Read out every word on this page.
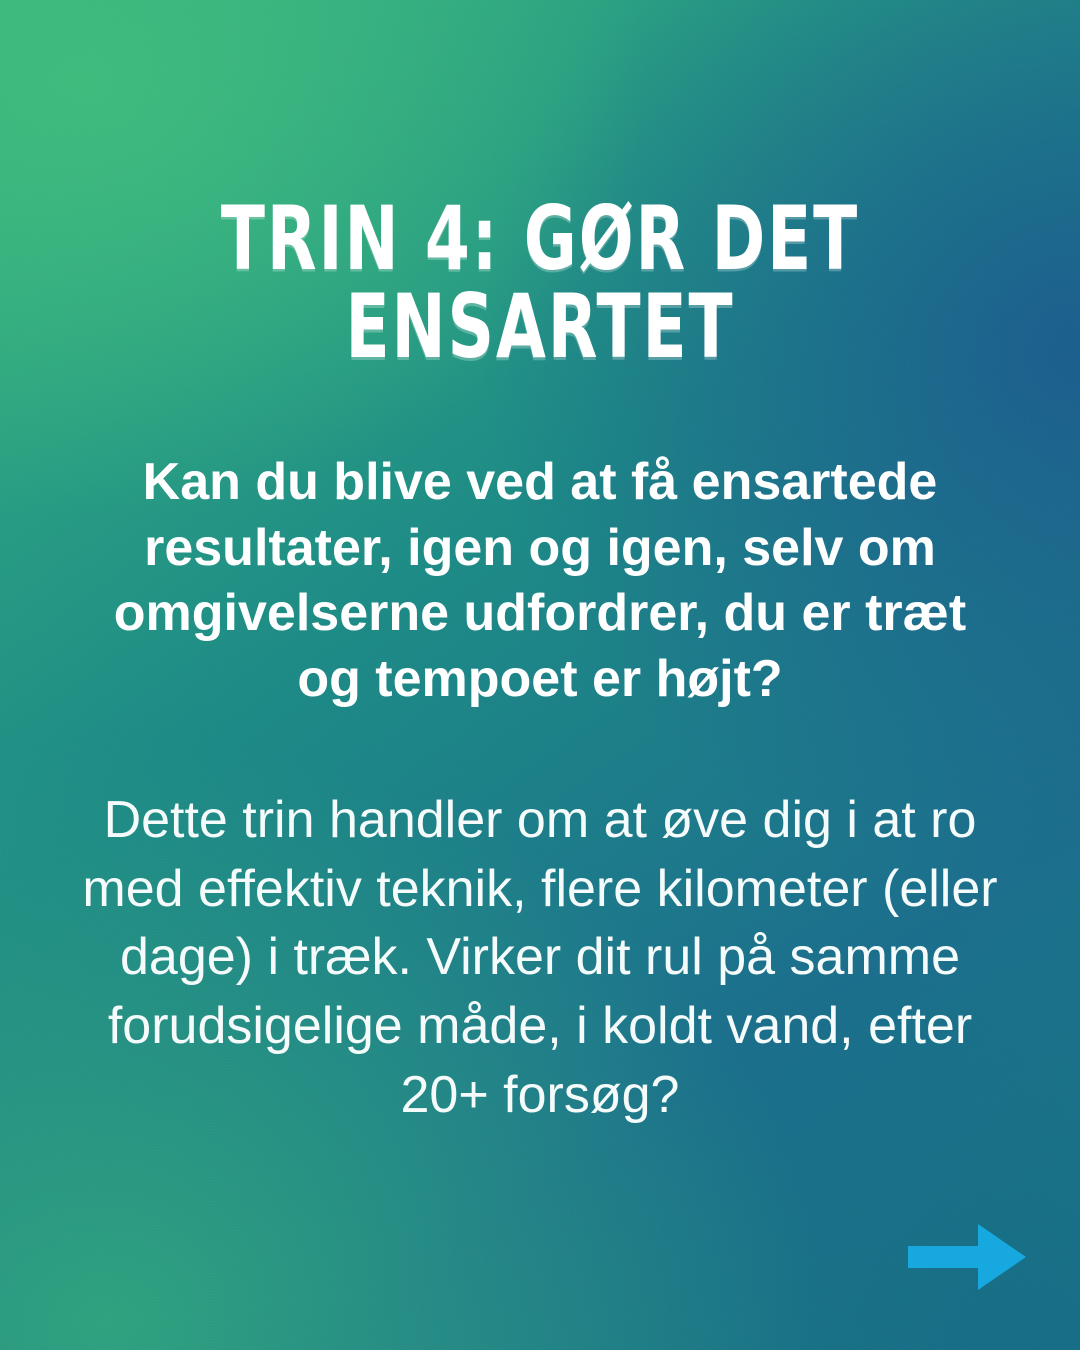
TRIN 4: GØR DET ENSARTET
Kan du blive ved at få ensartede resultater, igen og igen, selv om omgivelserne udfordrer, du er træt og tempoet er højt?
Dette trin handler om at øve dig i at ro med effektiv teknik, flere kilometer (eller dage) i træk. Virker dit rul på samme forudsigelige måde, i koldt vand, efter 20+ forsøg?
